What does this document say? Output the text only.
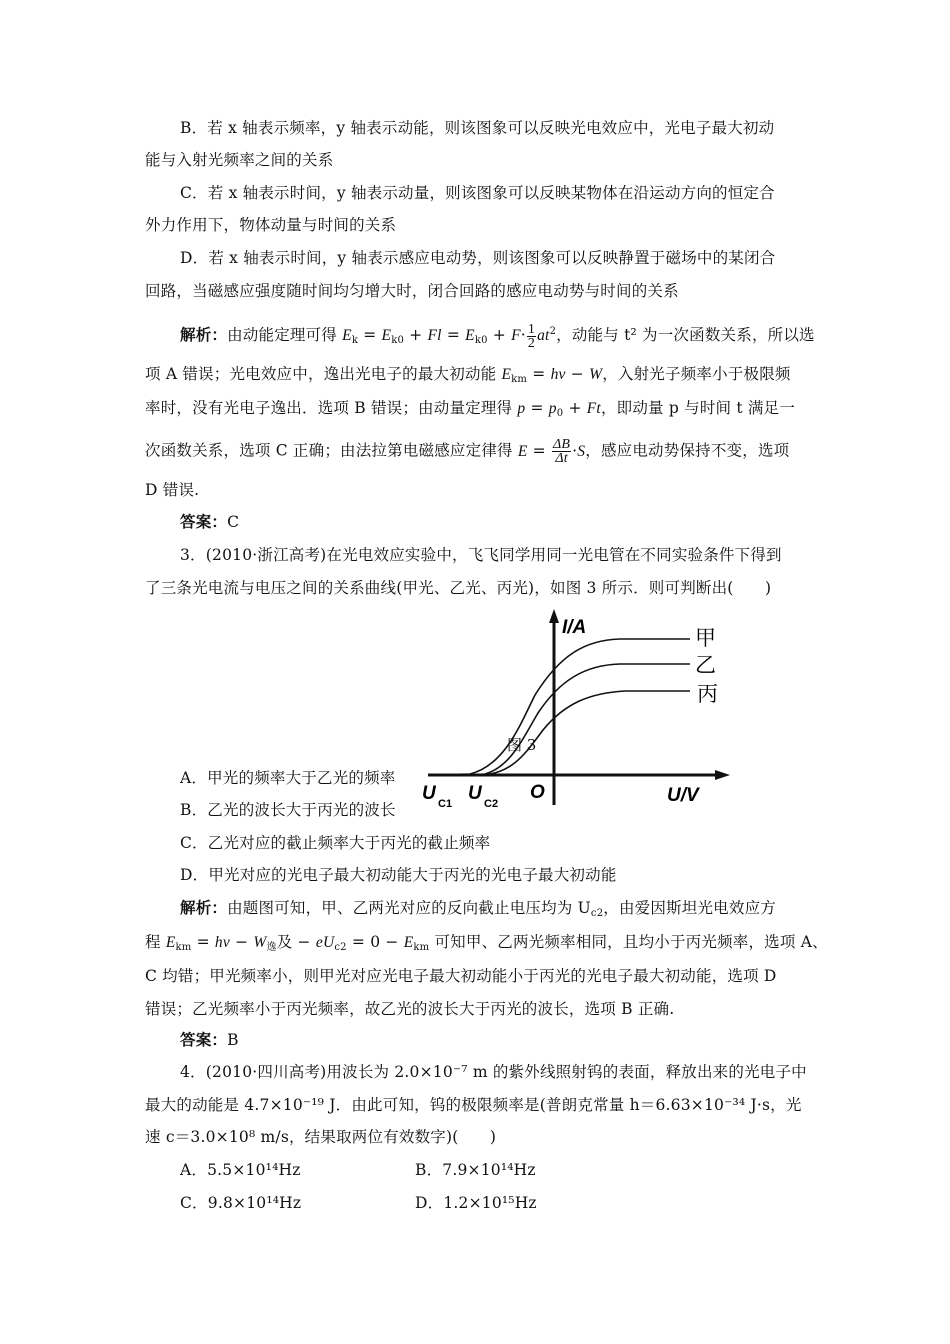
B．若 x 轴表示频率，y 轴表示动能，则该图象可以反映光电效应中，光电子最大初动
能与入射光频率之间的关系
C．若 x 轴表示时间，y 轴表示动量，则该图象可以反映某物体在沿运动方向的恒定合
外力作用下，物体动量与时间的关系
D．若 x 轴表示时间，y 轴表示感应电动势，则该图象可以反映静置于磁场中的某闭合
回路，当磁感应强度随时间均匀增大时，闭合回路的感应电动势与时间的关系
解析：由动能定理可得 $E_k = E_{k0} + Fl = E_{k0} + F\cdot \frac{1}{2} at^2$，动能与 t² 为一次函数关系，所以选
项 A 错误；光电效应中，逸出光电子的最大初动能 $E_{km} = h\nu - W$，入射光子频率小于极限频
率时，没有光电子逸出．选项 B 错误；由动量定理得 $p = p_0 + Ft$，即动量 p 与时间 t 满足一
次函数关系，选项 C 正确；由法拉第电磁感应定律得 $E = \frac{\Delta B}{\Delta t} \cdot S$，感应电动势保持不变，选项
D 错误.
答案：C
3．(2010·浙江高考)在光电效应实验中，飞飞同学用同一光电管在不同实验条件下得到
了三条光电流与电压之间的关系曲线(甲光、乙光、丙光)，如图 3 所示．则可判断出(　　)
I/A
U/V
O
U C1 U C2
甲
乙
丙
图 3
A．甲光的频率大于乙光的频率
B．乙光的波长大于丙光的波长
C．乙光对应的截止频率大于丙光的截止频率
D．甲光对应的光电子最大初动能大于丙光的光电子最大初动能
解析：由题图可知，甲、乙两光对应的反向截止电压均为 $U_{c2}$，由爱因斯坦光电效应方
程 $E_{km} = h\nu - W_逸$及 − $eU_{c2} = 0 - E_{km}$ 可知甲、乙两光频率相同，且均小于丙光频率，选项 A、
C 均错；甲光频率小，则甲光对应光电子最大初动能小于丙光的光电子最大初动能，选项 D
错误；乙光频率小于丙光频率，故乙光的波长大于丙光的波长，选项 B 正确.
答案：B
4．(2010·四川高考)用波长为 2.0×10⁻⁷ m 的紫外线照射钨的表面，释放出来的光电子中
最大的动能是 4.7×10⁻¹⁹ J．由此可知，钨的极限频率是(普朗克常量 h＝6.63×10⁻³⁴ J·s，光
速 c＝3.0×10⁸ m/s，结果取两位有效数字)(　　)
A．5.5×10¹⁴Hz	B．7.9×10¹⁴Hz
C．9.8×10¹⁴Hz	D．1.2×10¹⁵Hz
